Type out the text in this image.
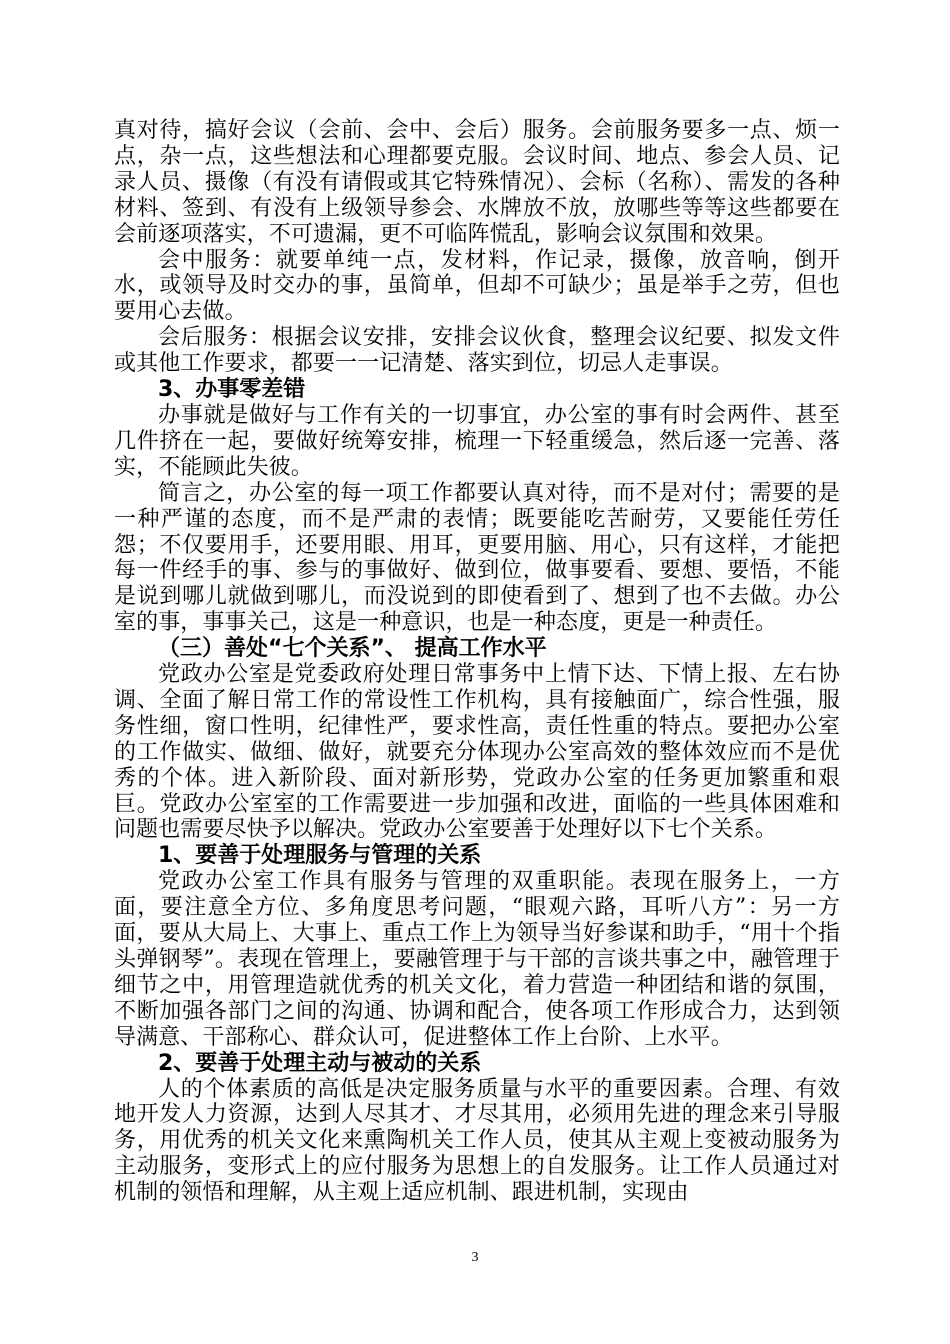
真对待，搞好会议（会前、会中、会后）服务。会前服务要多一点、烦一点，杂一点，这些想法和心理都要克服。会议时间、地点、参会人员、记录人员、摄像（有没有请假或其它特殊情况）、会标（名称）、需发的各种材料、签到、有没有上级领导参会、水牌放不放，放哪些等等这些都要在会前逐项落实，不可遗漏，更不可临阵慌乱，影响会议氛围和效果。

会中服务：就要单纯一点，发材料，作记录，摄像，放音响，倒开水，或领导及时交办的事，虽简单，但却不可缺少；虽是举手之劳，但也要用心去做。

会后服务：根据会议安排，安排会议伙食，整理会议纪要、拟发文件或其他工作要求，都要一一记清楚、落实到位，切忌人走事误。

3、办事零差错

办事就是做好与工作有关的一切事宜，办公室的事有时会两件、甚至几件挤在一起，要做好统筹安排，梳理一下轻重缓急，然后逐一完善、落实，不能顾此失彼。

简言之，办公室的每一项工作都要认真对待，而不是对付；需要的是一种严谨的态度，而不是严肃的表情；既要能吃苦耐劳，又要能任劳任怨；不仅要用手，还要用眼、用耳，更要用脑、用心，只有这样，才能把每一件经手的事、参与的事做好、做到位，做事要看、要想、要悟，不能是说到哪儿就做到哪儿，而没说到的即使看到了、想到了也不去做。办公室的事，事事关己，这是一种意识，也是一种态度，更是一种责任。

（三）善处“七个关系”、 提高工作水平

党政办公室是党委政府处理日常事务中上情下达、下情上报、左右协调、全面了解日常工作的常设性工作机构，具有接触面广，综合性强，服务性细，窗口性明，纪律性严，要求性高，责任性重的特点。要把办公室的工作做实、做细、做好，就要充分体现办公室高效的整体效应而不是优秀的个体。进入新阶段、面对新形势，党政办公室的任务更加繁重和艰巨。党政办公室室的工作需要进一步加强和改进，面临的一些具体困难和问题也需要尽快予以解决。党政办公室要善于处理好以下七个关系。

1、要善于处理服务与管理的关系

党政办公室工作具有服务与管理的双重职能。表现在服务上，一方面，要注意全方位、多角度思考问题，“眼观六路，耳听八方”：另一方面，要从大局上、大事上、重点工作上为领导当好参谋和助手，“用十个指头弹钢琴”。表现在管理上，要融管理于与干部的言谈共事之中，融管理于细节之中，用管理造就优秀的机关文化，着力营造一种团结和谐的氛围，不断加强各部门之间的沟通、协调和配合，使各项工作形成合力，达到领导满意、干部称心、群众认可，促进整体工作上台阶、上水平。

2、要善于处理主动与被动的关系

人的个体素质的高低是决定服务质量与水平的重要因素。合理、有效地开发人力资源，达到人尽其才、才尽其用，必须用先进的理念来引导服务，用优秀的机关文化来熏陶机关工作人员，使其从主观上变被动服务为主动服务，变形式上的应付服务为思想上的自发服务。让工作人员通过对机制的领悟和理解，从主观上适应机制、跟进机制，实现由

3
